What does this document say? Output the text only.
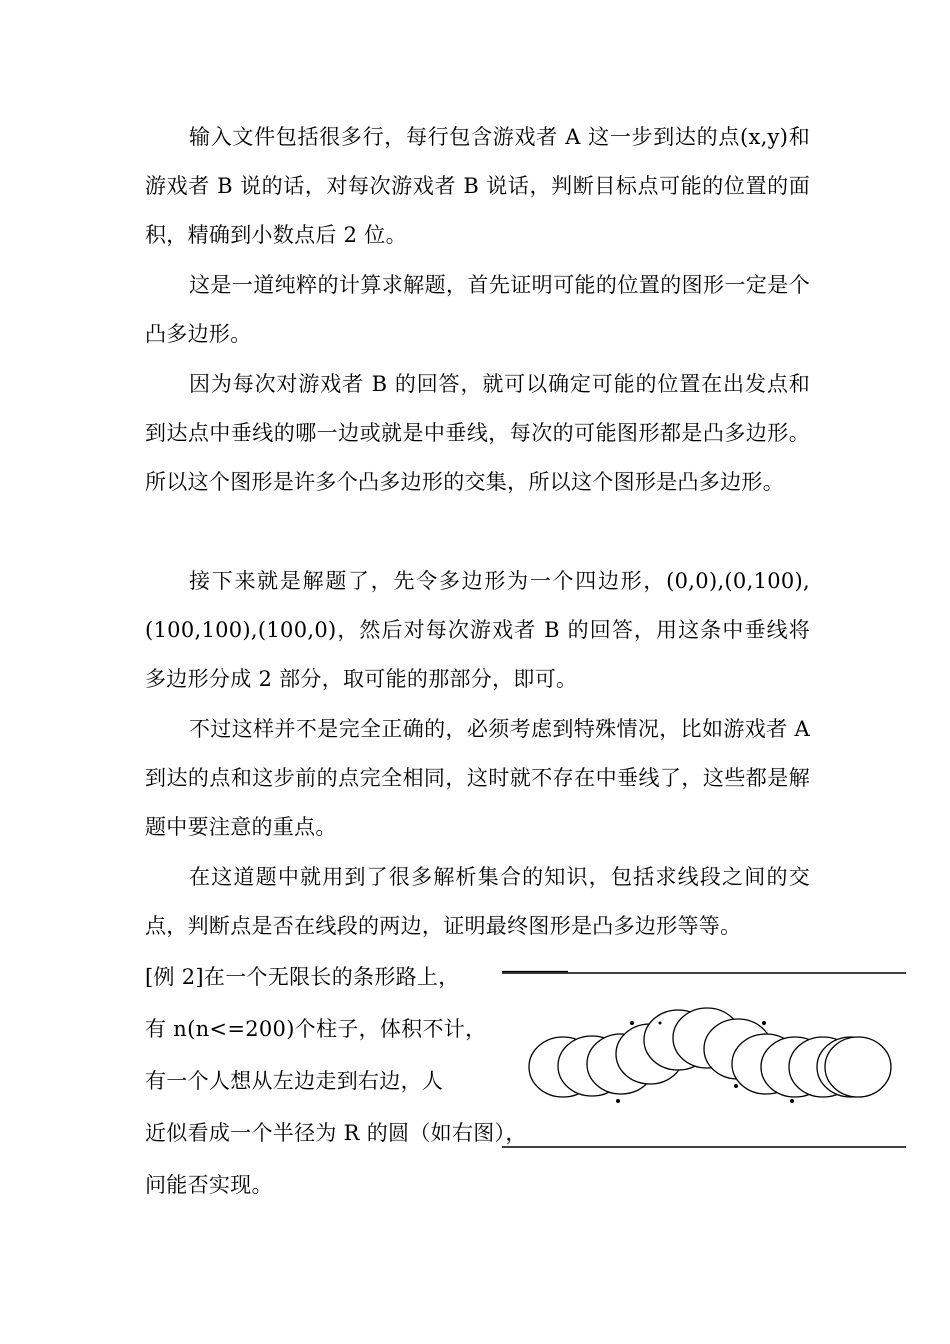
输入文件包括很多行，每行包含游戏者 A 这一步到达的点(x,y)和游戏者 B 说的话，对每次游戏者 B 说话，判断目标点可能的位置的面积，精确到小数点后 2 位。

这是一道纯粹的计算求解题，首先证明可能的位置的图形一定是个凸多边形。

因为每次对游戏者 B 的回答，就可以确定可能的位置在出发点和到达点中垂线的哪一边或就是中垂线，每次的可能图形都是凸多边形。所以这个图形是许多个凸多边形的交集，所以这个图形是凸多边形。

接下来就是解题了，先令多边形为一个四边形，(0,0),(0,100),(100,100),(100,0)，然后对每次游戏者 B 的回答，用这条中垂线将多边形分成 2 部分，取可能的那部分，即可。

不过这样并不是完全正确的，必须考虑到特殊情况，比如游戏者 A 到达的点和这步前的点完全相同，这时就不存在中垂线了，这些都是解题中要注意的重点。

在这道题中就用到了很多解析集合的知识，包括求线段之间的交点，判断点是否在线段的两边，证明最终图形是凸多边形等等。

[例 2]在一个无限长的条形路上，
有 n(n<=200)个柱子，体积不计，
有一个人想从左边走到右边，人
近似看成一个半径为 R 的圆（如右图），
问能否实现。
